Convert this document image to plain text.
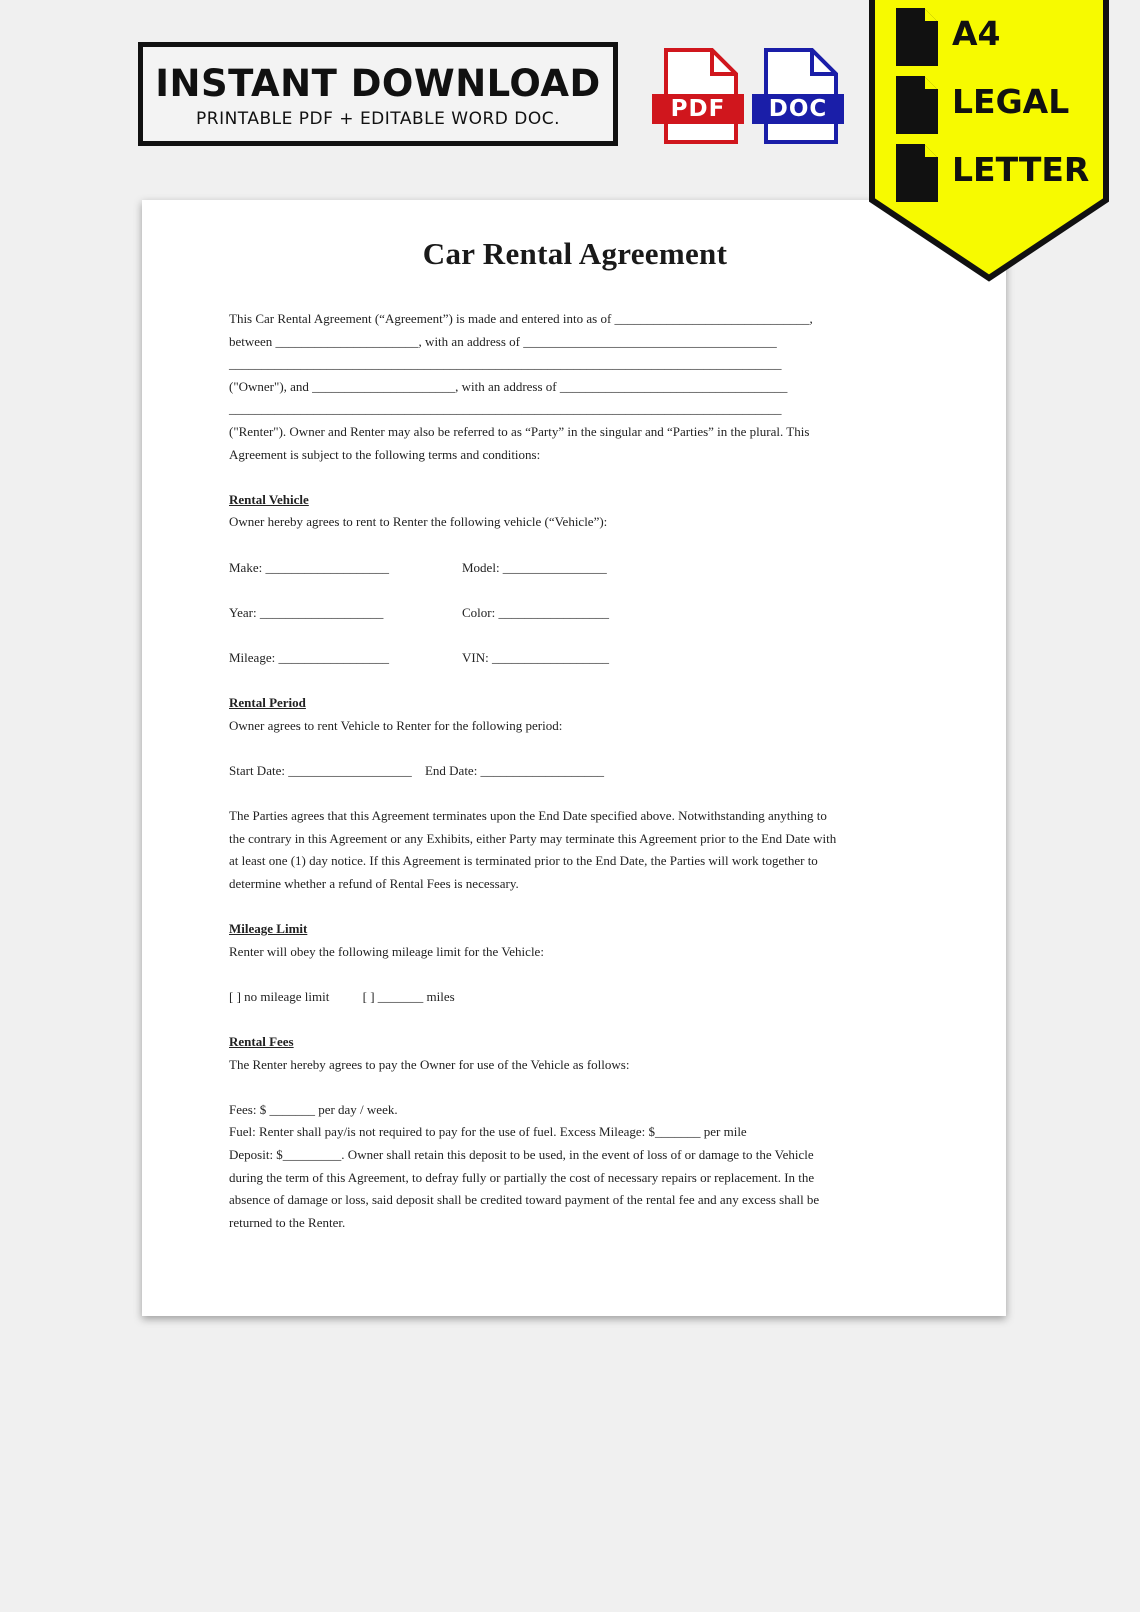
INSTANT DOWNLOAD
PRINTABLE PDF + EDITABLE WORD DOC.	PDF	DOC
Car Rental Agreement
This Car Rental Agreement (“Agreement”) is made and entered into as of ______________________________,
between ______________________, with an address of _______________________________________
_____________________________________________________________________________________
("Owner"), and ______________________, with an address of ___________________________________
_____________________________________________________________________________________
("Renter"). Owner and Renter may also be referred to as “Party” in the singular and “Parties” in the plural. This
Agreement is subject to the following terms and conditions:
Rental Vehicle
Owner hereby agrees to rent to Renter the following vehicle (“Vehicle”):
Make: ___________________	Model: ________________
Year: ___________________	Color: _________________
Mileage: _________________	VIN: __________________
Rental Period
Owner agrees to rent Vehicle to Renter for the following period:
Start Date: ___________________ End Date: ___________________
The Parties agrees that this Agreement terminates upon the End Date specified above. Notwithstanding anything to
the contrary in this Agreement or any Exhibits, either Party may terminate this Agreement prior to the End Date with
at least one (1) day notice. If this Agreement is terminated prior to the End Date, the Parties will work together to
determine whether a refund of Rental Fees is necessary.
Mileage Limit
Renter will obey the following mileage limit for the Vehicle:
[ ] no mileage limit	[ ] _______ miles
Rental Fees
The Renter hereby agrees to pay the Owner for use of the Vehicle as follows:
Fees: $ _______ per day / week.
Fuel: Renter shall pay/is not required to pay for the use of fuel. Excess Mileage: $_______ per mile
Deposit: $_________. Owner shall retain this deposit to be used, in the event of loss of or damage to the Vehicle
during the term of this Agreement, to defray fully or partially the cost of necessary repairs or replacement. In the
absence of damage or loss, said deposit shall be credited toward payment of the rental fee and any excess shall be
returned to the Renter.
A4
LEGAL
LETTER
